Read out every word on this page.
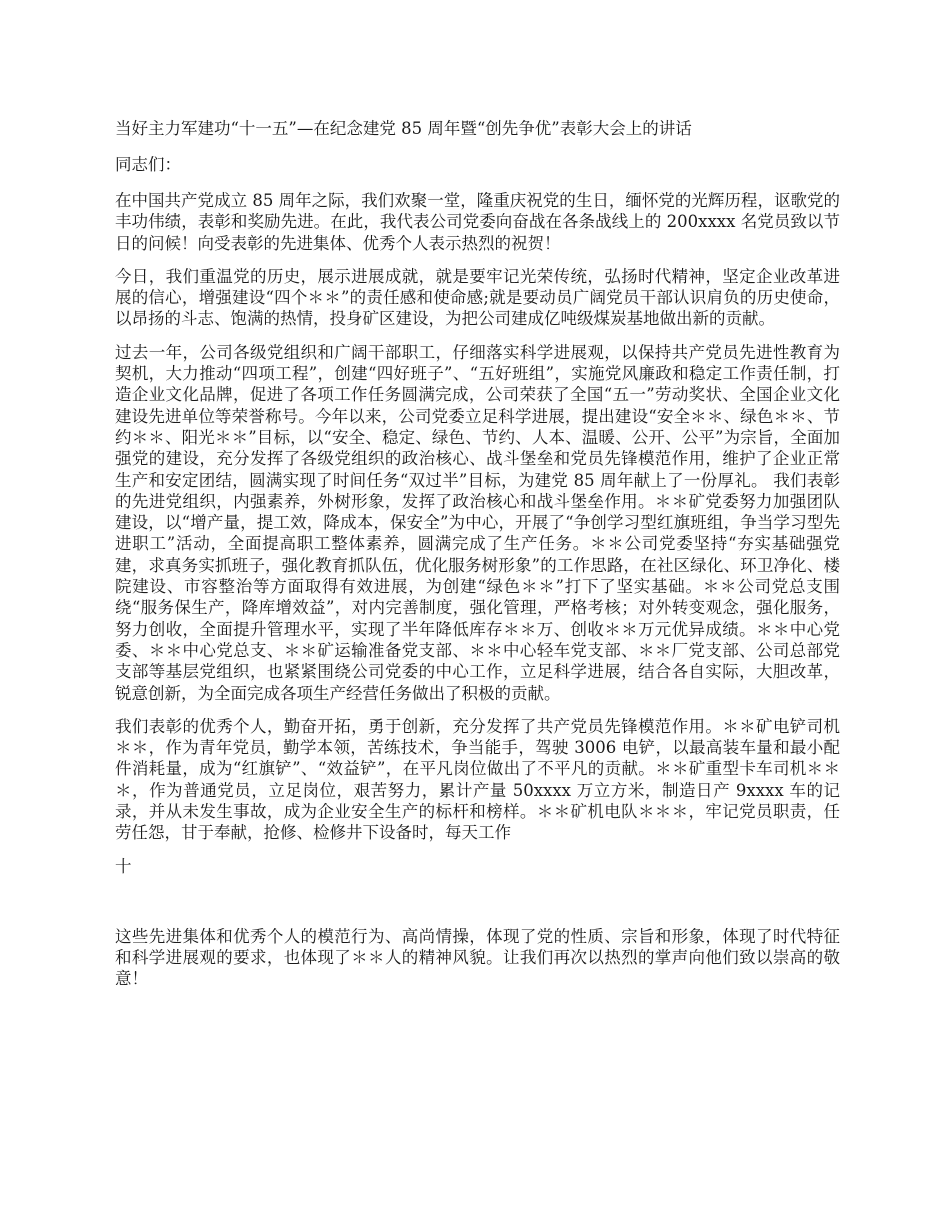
当好主力军建功“十一五”—在纪念建党 85 周年暨“创先争优”表彰大会上的讲话
同志们：

在中国共产党成立 85 周年之际，我们欢聚一堂，隆重庆祝党的生日，缅怀党的光辉历程，讴歌党的丰功伟绩，表彰和奖励先进。在此，我代表公司党委向奋战在各条战线上的 200xxxx 名党员致以节日的问候！向受表彰的先进集体、优秀个人表示热烈的祝贺！

今日，我们重温党的历史，展示进展成就，就是要牢记光荣传统，弘扬时代精神，坚定企业改革进展的信心，增强建设“四个＊＊”的责任感和使命感;就是要动员广阔党员干部认识肩负的历史使命，以昂扬的斗志、饱满的热情，投身矿区建设，为把公司建成亿吨级煤炭基地做出新的贡献。

过去一年，公司各级党组织和广阔干部职工，仔细落实科学进展观，以保持共产党员先进性教育为契机，大力推动“四项工程”，创建“四好班子”、“五好班组”，实施党风廉政和稳定工作责任制，打造企业文化品牌，促进了各项工作任务圆满完成，公司荣获了全国“五一”劳动奖状、全国企业文化建设先进单位等荣誉称号。今年以来，公司党委立足科学进展，提出建设“安全＊＊、绿色＊＊、节约＊＊、阳光＊＊”目标，以“安全、稳定、绿色、节约、人本、温暖、公开、公平”为宗旨，全面加强党的建设，充分发挥了各级党组织的政治核心、战斗堡垒和党员先锋模范作用，维护了企业正常生产和安定团结，圆满实现了时间任务“双过半”目标，为建党 85 周年献上了一份厚礼。 我们表彰的先进党组织，内强素养，外树形象，发挥了政治核心和战斗堡垒作用。＊＊矿党委努力加强团队建设，以“增产量，提工效，降成本，保安全”为中心，开展了“争创学习型红旗班组，争当学习型先进职工”活动，全面提高职工整体素养，圆满完成了生产任务。＊＊公司党委坚持“夯实基础强党建，求真务实抓班子，强化教育抓队伍，优化服务树形象”的工作思路，在社区绿化、环卫净化、楼院建设、市容整治等方面取得有效进展，为创建“绿色＊＊”打下了坚实基础。＊＊公司党总支围绕“服务保生产，降库增效益”，对内完善制度，强化管理，严格考核；对外转变观念，强化服务，努力创收，全面提升管理水平，实现了半年降低库存＊＊万、创收＊＊万元优异成绩。＊＊中心党委、＊＊中心党总支、＊＊矿运输准备党支部、＊＊中心轻车党支部、＊＊厂党支部、公司总部党支部等基层党组织，也紧紧围绕公司党委的中心工作，立足科学进展，结合各自实际，大胆改革，锐意创新，为全面完成各项生产经营任务做出了积极的贡献。

我们表彰的优秀个人，勤奋开拓，勇于创新，充分发挥了共产党员先锋模范作用。＊＊矿电铲司机＊＊，作为青年党员，勤学本领，苦练技术，争当能手，驾驶 3006 电铲，以最高装车量和最小配件消耗量，成为“红旗铲”、“效益铲”，在平凡岗位做出了不平凡的贡献。＊＊矿重型卡车司机＊＊＊，作为普通党员，立足岗位，艰苦努力，累计产量 50xxxx 万立方米，制造日产 9xxxx 车的记录，并从未发生事故，成为企业安全生产的标杆和榜样。＊＊矿机电队＊＊＊，牢记党员职责，任劳任怨，甘于奉献，抢修、检修井下设备时，每天工作

十

这些先进集体和优秀个人的模范行为、高尚情操，体现了党的性质、宗旨和形象，体现了时代特征和科学进展观的要求，也体现了＊＊人的精神风貌。让我们再次以热烈的掌声向他们致以崇高的敬意！
